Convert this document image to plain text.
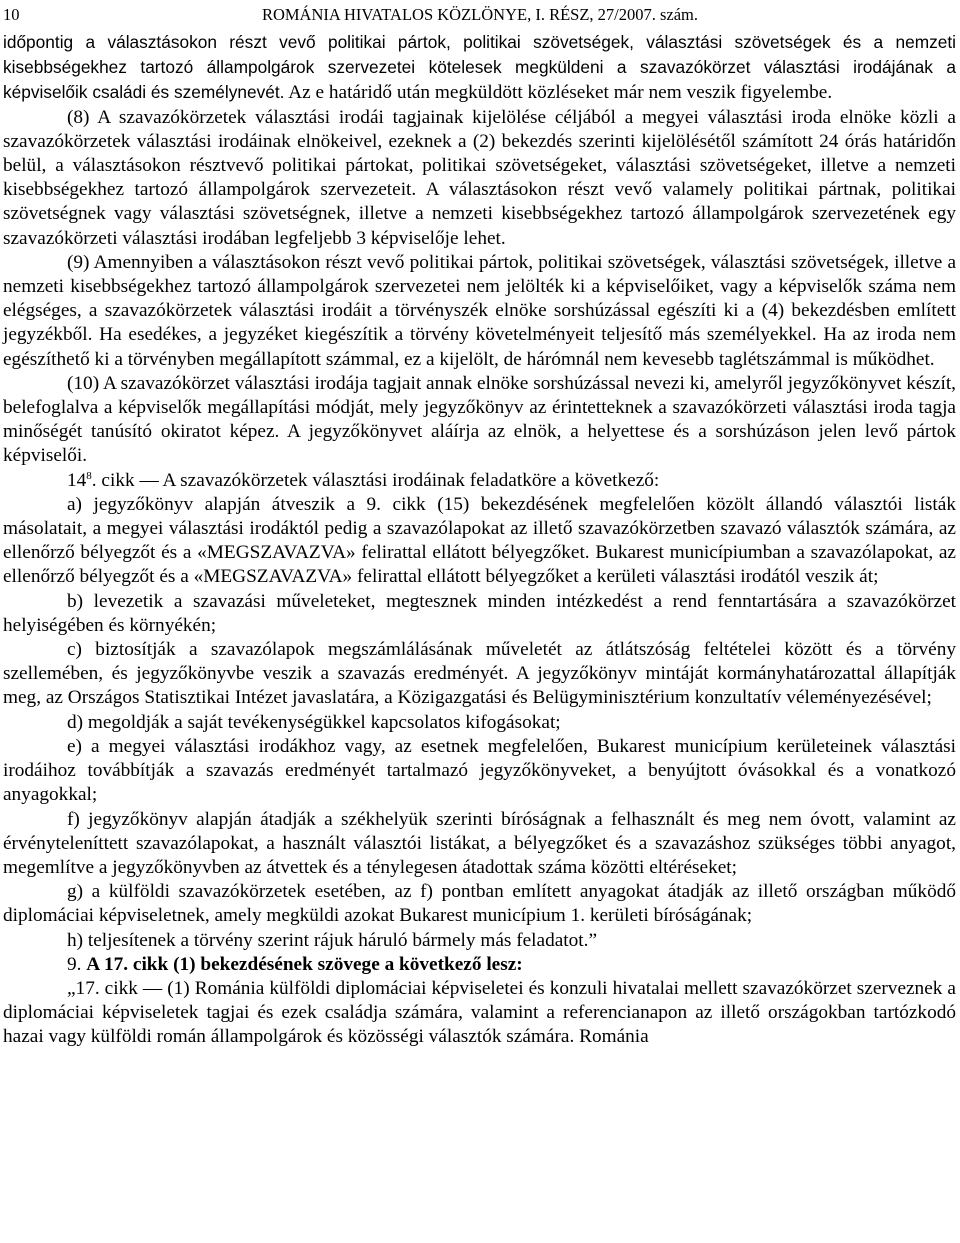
10	ROMÁNIA HIVATALOS KÖZLÖNYE, I. RÉSZ, 27/2007. szám.

időpontig a választásokon részt vevő politikai pártok, politikai szövetségek, választási szövetségek és a nemzeti kisebbségekhez tartozó állampolgárok szervezetei kötelesek megküldeni a szavazókörzet választási irodájának a képviselőik családi és személynevét. Az e határidő után megküldött közléseket már nem veszik figyelembe.

(8) A szavazókörzetek választási irodái tagjainak kijelölése céljából a megyei választási iroda elnöke közli a szavazókörzetek választási irodáinak elnökeivel, ezeknek a (2) bekezdés szerinti kijelölésétől számított 24 órás határidőn belül, a választásokon résztvevő politikai pártokat, politikai szövetségeket, választási szövetségeket, illetve a nemzeti kisebbségekhez tartozó állampolgárok szervezeteit. A választásokon részt vevő valamely politikai pártnak, politikai szövetségnek vagy választási szövetségnek, illetve a nemzeti kisebbségekhez tartozó állampolgárok szervezetének egy szavazókörzeti választási irodában legfeljebb 3 képviselője lehet.

(9) Amennyiben a választásokon részt vevő politikai pártok, politikai szövetségek, választási szövetségek, illetve a nemzeti kisebbségekhez tartozó állampolgárok szervezetei nem jelölték ki a képviselőiket, vagy a képviselők száma nem elégséges, a szavazókörzetek választási irodáit a törvényszék elnöke sorshúzással egészíti ki a (4) bekezdésben említett jegyzékből. Ha esedékes, a jegyzéket kiegészítik a törvény követelményeit teljesítő más személyekkel. Ha az iroda nem egészíthető ki a törvényben megállapított számmal, ez a kijelölt, de hárómnál nem kevesebb taglétszámmal is működhet.

(10) A szavazókörzet választási irodája tagjait annak elnöke sorshúzással nevezi ki, amelyről jegyzőkönyvet készít, belefoglalva a képviselők megállapítási módját, mely jegyzőkönyv az érintetteknek a szavazókörzeti választási iroda tagja minőségét tanúsító okiratot képez. A jegyzőkönyvet aláírja az elnök, a helyettese és a sorshúzáson jelen levő pártok képviselői.

$14^8$. cikk — A szavazókörzetek választási irodáinak feladatköre a következő:

a) jegyzőkönyv alapján átveszik a 9. cikk (15) bekezdésének megfelelően közölt állandó választói listák másolatait, a megyei választási irodáktól pedig a szavazólapokat az illető szavazókörzetben szavazó választók számára, az ellenőrző bélyegzőt és a «MEGSZAVAZVA» felirattal ellátott bélyegzőket. Bukarest municípiumban a szavazólapokat, az ellenőrző bélyegzőt és a «MEGSZAVAZVA» felirattal ellátott bélyegzőket a kerületi választási irodától veszik át;

b) levezetik a szavazási műveleteket, megtesznek minden intézkedést a rend fenntartására a szavazókörzet helyiségében és környékén;

c) biztosítják a szavazólapok megszámlálásának műveletét az átlátszóság feltételei között és a törvény szellemében, és jegyzőkönyvbe veszik a szavazás eredményét. A jegyzőkönyv mintáját kormányhatározattal állapítják meg, az Országos Statisztikai Intézet javaslatára, a Közigazgatási és Belügyminisztérium konzultatív véleményezésével;

d) megoldják a saját tevékenységükkel kapcsolatos kifogásokat;

e) a megyei választási irodákhoz vagy, az esetnek megfelelően, Bukarest municípium kerületeinek választási irodáihoz továbbítják a szavazás eredményét tartalmazó jegyzőkönyveket, a benyújtott óvásokkal és a vonatkozó anyagokkal;

f) jegyzőkönyv alapján átadják a székhelyük szerinti bíróságnak a felhasznált és meg nem óvott, valamint az érvényteleníttett szavazólapokat, a használt választói listákat, a bélyegzőket és a szavazáshoz szükséges többi anyagot, megemlítve a jegyzőkönyvben az átvettek és a ténylegesen átadottak száma közötti eltéréseket;

g) a külföldi szavazókörzetek esetében, az f) pontban említett anyagokat átadják az illető országban működő diplomáciai képviseletnek, amely megküldi azokat Bukarest municípium 1. kerületi bíróságának;

h) teljesítenek a törvény szerint rájuk háruló bármely más feladatot.”

9. A 17. cikk (1) bekezdésének szövege a következő lesz:

„17. cikk — (1) Románia külföldi diplomáciai képviseletei és konzuli hivatalai mellett szavazókörzet szerveznek a diplomáciai képviseletek tagjai és ezek családja számára, valamint a referencianapon az illető országokban tartózkodó hazai vagy külföldi román állampolgárok és közösségi választók számára. Románia
